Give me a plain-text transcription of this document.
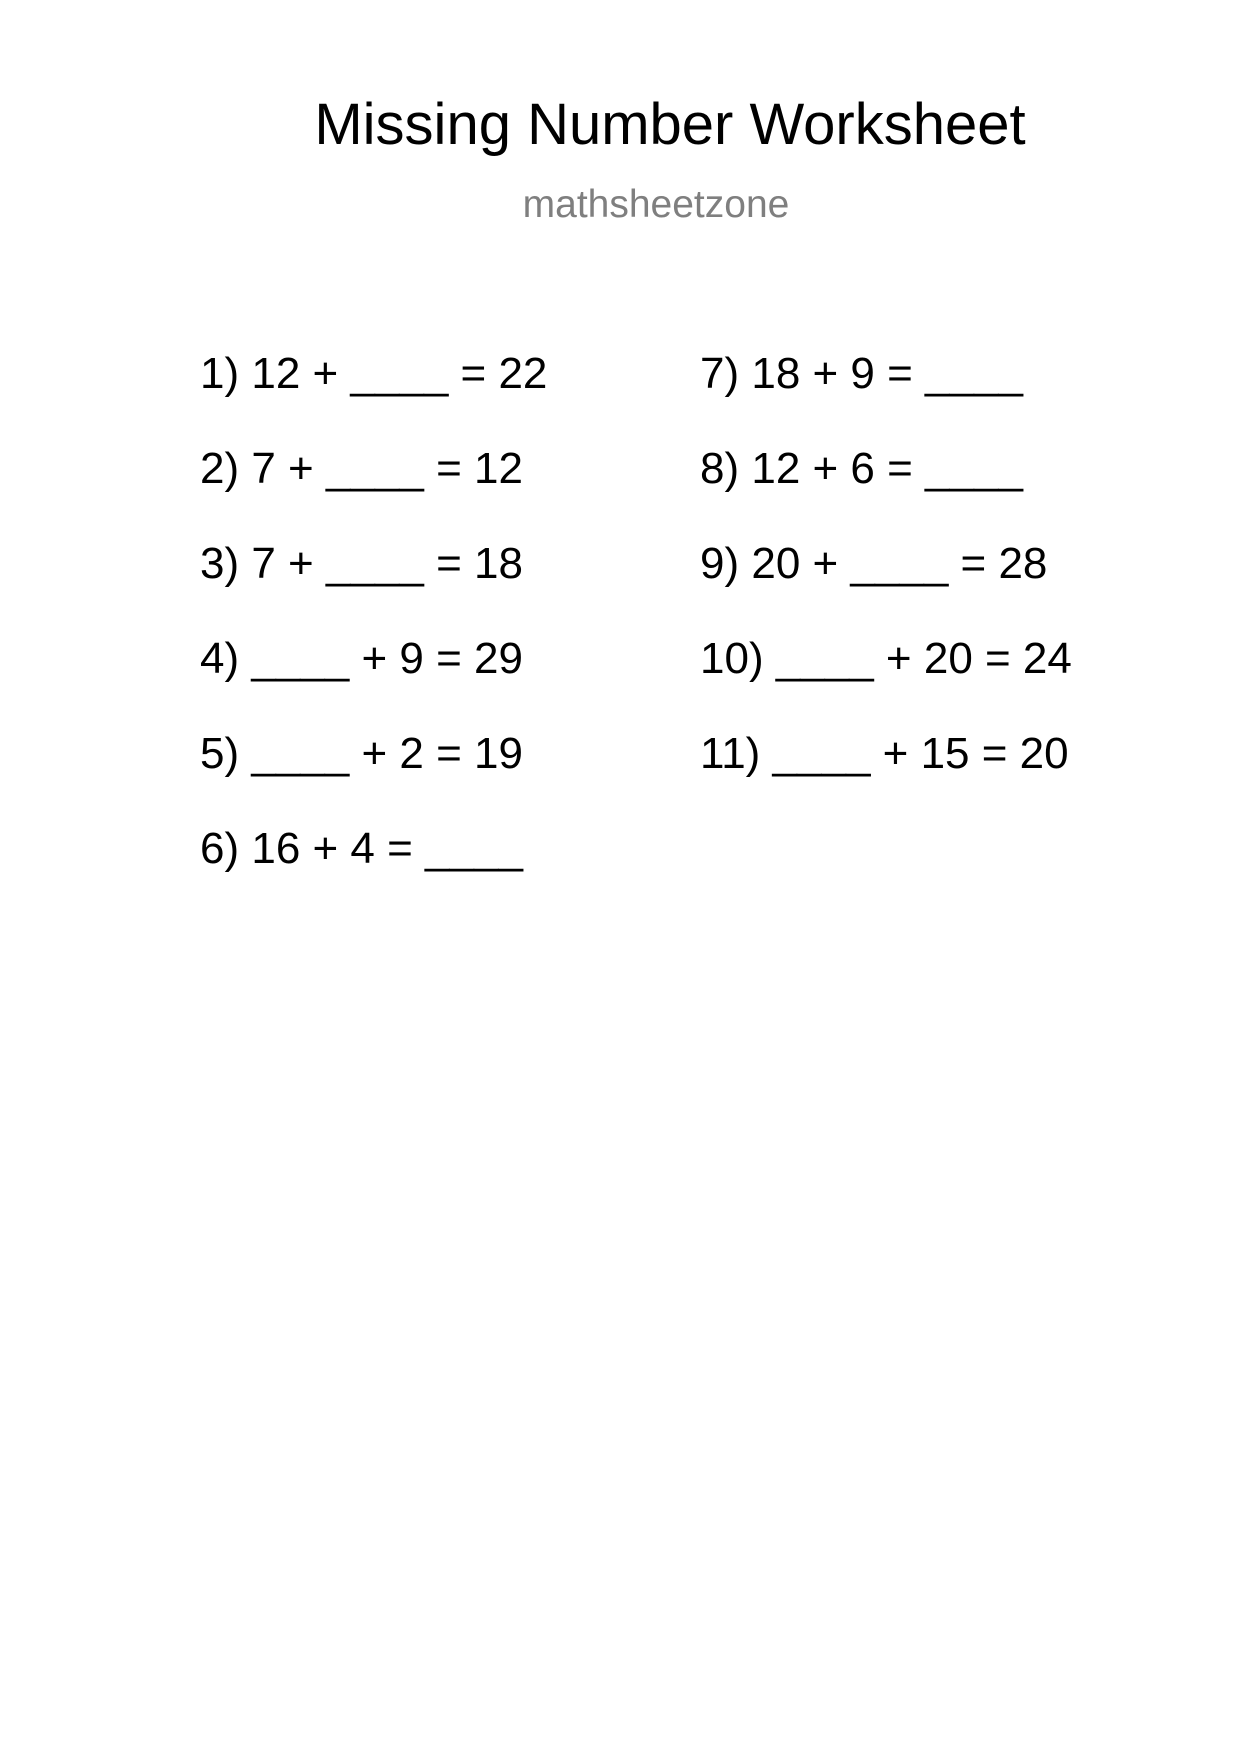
Missing Number Worksheet
mathsheetzone
1) 12 + ____ = 22
2) 7 + ____ = 12
3) 7 + ____ = 18
4) ____ + 9 = 29
5) ____ + 2 = 19
6) 16 + 4 = ____
7) 18 + 9 = ____
8) 12 + 6 = ____
9) 20 + ____ = 28
10) ____ + 20 = 24
11) ____ + 15 = 20
